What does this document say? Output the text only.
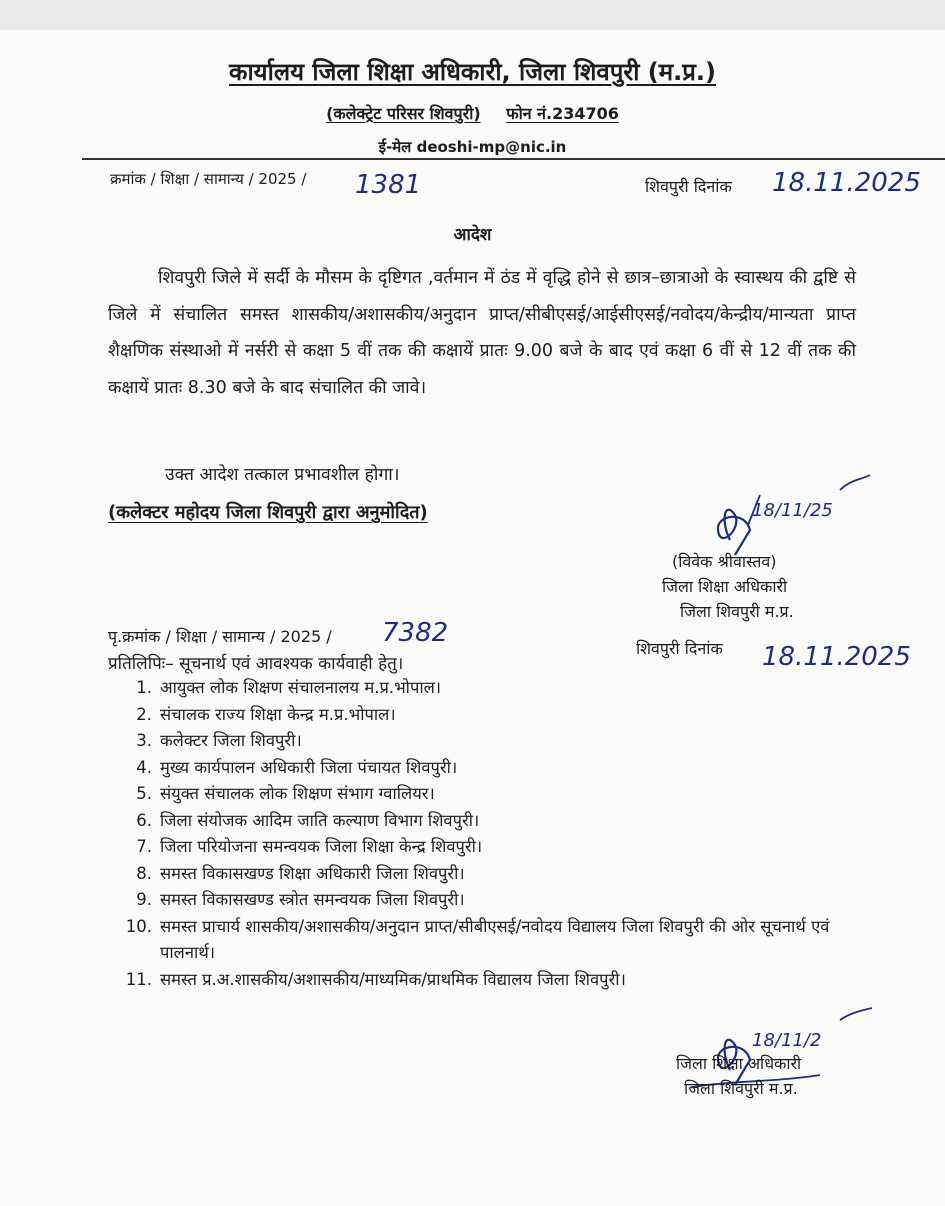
कार्यालय जिला शिक्षा अधिकारी, जिला शिवपुरी (म.प्र.)
(कलेक्ट्रेट परिसर शिवपुरी) फोन नं.234706
ई-मेल deoshi-mp@nic.in
क्रमांक / शिक्षा / सामान्य / 2025 / 1381	शिवपुरी दिनांक 18.11.2025
आदेश
शिवपुरी जिले में सर्दी के मौसम के दृष्टिगत ,वर्तमान में ठंड में वृद्धि होने से छात्र–छात्राओ के स्वास्थय की द्वष्टि से जिले में संचालित समस्त शासकीय/अशासकीय/अनुदान प्राप्त/सीबीएसई/आईसीएसई/नवोदय/केन्द्रीय/मान्यता प्राप्त शैक्षणिक संस्थाओ में नर्सरी से कक्षा 5 वीं तक की कक्षायें प्रातः 9.00 बजे के बाद एवं कक्षा 6 वीं से 12 वीं तक की कक्षायें प्रातः 8.30 बजे के बाद संचालित की जावे।
उक्त आदेश तत्काल प्रभावशील होगा।
(कलेक्टर महोदय जिला शिवपुरी द्वारा अनुमोदित)	18/11/25
(विवेक श्रीवास्तव)
जिला शिक्षा अधिकारी
जिला शिवपुरी म.प्र.
पृ.क्रमांक / शिक्षा / सामान्य / 2025 / 7382
शिवपुरी दिनांक 18.11.2025
प्रतिलिपिः– सूचनार्थ एवं आवश्यक कार्यवाही हेतु।
1. आयुक्त लोक शिक्षण संचालनालय म.प्र.भोपाल।
2. संचालक राज्य शिक्षा केन्द्र म.प्र.भोपाल।
3. कलेक्टर जिला शिवपुरी।
4. मुख्य कार्यपालन अधिकारी जिला पंचायत शिवपुरी।
5. संयुक्त संचालक लोक शिक्षण संभाग ग्वालियर।
6. जिला संयोजक आदिम जाति कल्याण विभाग शिवपुरी।
7. जिला परियोजना समन्वयक जिला शिक्षा केन्द्र शिवपुरी।
8. समस्त विकासखण्ड शिक्षा अधिकारी जिला शिवपुरी।
9. समस्त विकासखण्ड स्त्रोत समन्वयक जिला शिवपुरी।
10. समस्त प्राचार्य शासकीय/अशासकीय/अनुदान प्राप्त/सीबीएसई/नवोदय विद्यालय जिला शिवपुरी की ओर सूचनार्थ एवं पालनार्थ।
11. समस्त प्र.अ.शासकीय/अशासकीय/माध्यमिक/प्राथमिक विद्यालय जिला शिवपुरी।
18/11/2
जिला शिक्षा अधिकारी
जिला शिवपुरी म.प्र.
